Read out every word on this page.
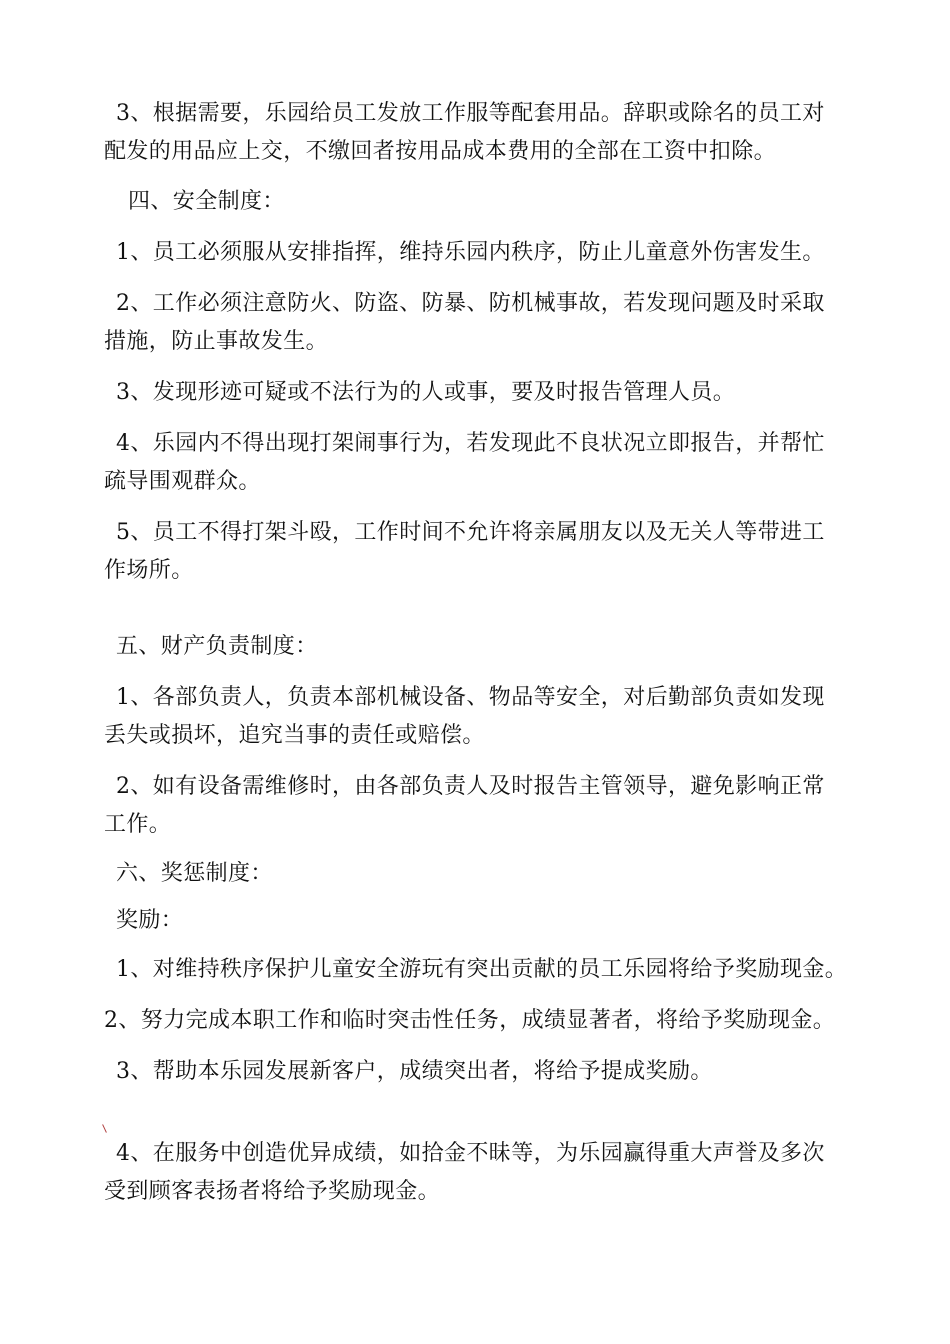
3、根据需要，乐园给员工发放工作服等配套用品。辞职或除名的员工对
配发的用品应上交，不缴回者按用品成本费用的全部在工资中扣除。
四、安全制度：
1、员工必须服从安排指挥，维持乐园内秩序，防止儿童意外伤害发生。
2、工作必须注意防火、防盗、防暴、防机械事故，若发现问题及时采取
措施，防止事故发生。
3、发现形迹可疑或不法行为的人或事，要及时报告管理人员。
4、乐园内不得出现打架闹事行为，若发现此不良状况立即报告，并帮忙
疏导围观群众。
5、员工不得打架斗殴，工作时间不允许将亲属朋友以及无关人等带进工
作场所。
五、财产负责制度：
1、各部负责人，负责本部机械设备、物品等安全，对后勤部负责如发现
丢失或损坏，追究当事的责任或赔偿。
2、如有设备需维修时，由各部负责人及时报告主管领导，避免影响正常
工作。
六、奖惩制度：
奖励：
1、对维持秩序保护儿童安全游玩有突出贡献的员工乐园将给予奖励现金。
2、努力完成本职工作和临时突击性任务，成绩显著者，将给予奖励现金。
3、帮助本乐园发展新客户，成绩突出者，将给予提成奖励。
4、在服务中创造优异成绩，如拾金不昧等，为乐园赢得重大声誉及多次
受到顾客表扬者将给予奖励现金。
